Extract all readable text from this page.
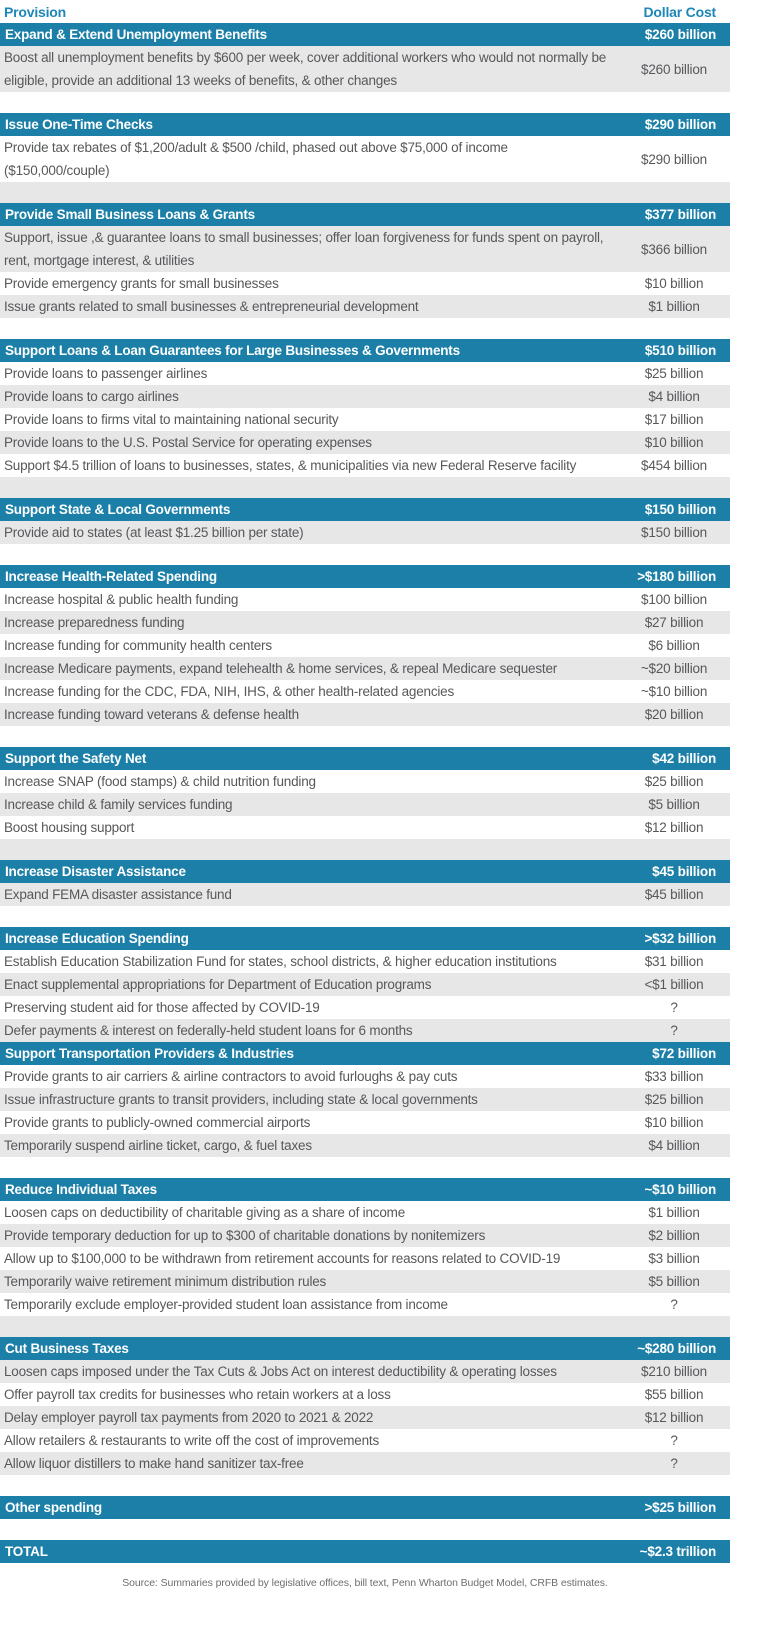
Provision	Dollar Cost
Expand & Extend Unemployment Benefits	$260 billion
Boost all unemployment benefits by $600 per week, cover additional workers who would not normally be eligible, provide an additional 13 weeks of benefits, & other changes
$260 billion
Issue One-Time Checks	$290 billion
Provide tax rebates of $1,200/adult & $500 /child, phased out above $75,000 of income ($150,000/couple)
$290 billion
Provide Small Business Loans & Grants	$377 billion
Support, issue ,& guarantee loans to small businesses; offer loan forgiveness for funds spent on payroll, rent, mortgage interest, & utilities
$366 billion
Provide emergency grants for small businesses	$10 billion
Issue grants related to small businesses & entrepreneurial development	$1 billion
Support Loans & Loan Guarantees for Large Businesses & Governments	$510 billion
Provide loans to passenger airlines	$25 billion
Provide loans to cargo airlines	$4 billion
Provide loans to firms vital to maintaining national security	$17 billion
Provide loans to the U.S. Postal Service for operating expenses	$10 billion
Support $4.5 trillion of loans to businesses, states, & municipalities via new Federal Reserve facility	$454 billion
Support State & Local Governments	$150 billion
Provide aid to states (at least $1.25 billion per state)	$150 billion
Increase Health-Related Spending	>$180 billion
Increase hospital & public health funding	$100 billion
Increase preparedness funding	$27 billion
Increase funding for community health centers	$6 billion
Increase Medicare payments, expand telehealth & home services, & repeal Medicare sequester	~$20 billion
Increase funding for the CDC, FDA, NIH, IHS, & other health-related agencies	~$10 billion
Increase funding toward veterans & defense health	$20 billion
Support the Safety Net	$42 billion
Increase SNAP (food stamps) & child nutrition funding	$25 billion
Increase child & family services funding	$5 billion
Boost housing support	$12 billion
Increase Disaster Assistance	$45 billion
Expand FEMA disaster assistance fund	$45 billion
Increase Education Spending	>$32 billion
Establish Education Stabilization Fund for states, school districts, & higher education institutions	$31 billion
Enact supplemental appropriations for Department of Education programs	<$1 billion
Preserving student aid for those affected by COVID-19	?
Defer payments & interest on federally-held student loans for 6 months	?
Support Transportation Providers & Industries	$72 billion
Provide grants to air carriers & airline contractors to avoid furloughs & pay cuts	$33 billion
Issue infrastructure grants to transit providers, including state & local governments	$25 billion
Provide grants to publicly-owned commercial airports	$10 billion
Temporarily suspend airline ticket, cargo, & fuel taxes	$4 billion
Reduce Individual Taxes	~$10 billion
Loosen caps on deductibility of charitable giving as a share of income	$1 billion
Provide temporary deduction for up to $300 of charitable donations by nonitemizers	$2 billion
Allow up to $100,000 to be withdrawn from retirement accounts for reasons related to COVID-19	$3 billion
Temporarily waive retirement minimum distribution rules	$5 billion
Temporarily exclude employer-provided student loan assistance from income	?
Cut Business Taxes	~$280 billion
Loosen caps imposed under the Tax Cuts & Jobs Act on interest deductibility & operating losses	$210 billion
Offer payroll tax credits for businesses who retain workers at a loss	$55 billion
Delay employer payroll tax payments from 2020 to 2021 & 2022	$12 billion
Allow retailers & restaurants to write off the cost of improvements	?
Allow liquor distillers to make hand sanitizer tax-free	?
Other spending	>$25 billion
TOTAL	~$2.3 trillion
Source: Summaries provided by legislative offices, bill text, Penn Wharton Budget Model, CRFB estimates.
